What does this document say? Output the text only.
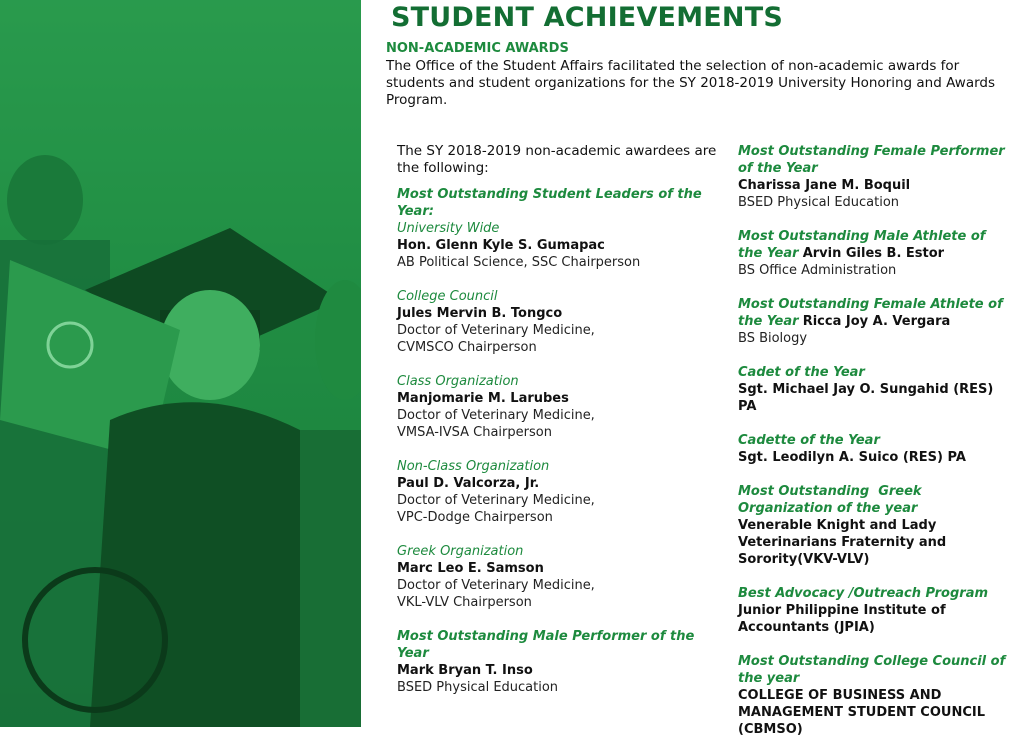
STUDENT ACHIEVEMENTS
NON-ACADEMIC AWARDS
The Office of the Student Affairs facilitated the selection of non-academic awards for students and student organizations for the SY 2018-2019 University Honoring and Awards Program.
The SY 2018-2019 non-academic awardees are the following:
Most Outstanding Student Leaders of the Year:
University Wide
Hon. Glenn Kyle S. Gumapac
AB Political Science, SSC Chairperson
College Council
Jules Mervin B. Tongco
Doctor of Veterinary Medicine,
CVMSCO Chairperson
Class Organization
Manjomarie M. Larubes
Doctor of Veterinary Medicine,
VMSA-IVSA Chairperson
Non-Class Organization
Paul D. Valcorza, Jr.
Doctor of Veterinary Medicine,
VPC-Dodge Chairperson
Greek Organization
Marc Leo E. Samson
Doctor of Veterinary Medicine,
VKL-VLV Chairperson
Most Outstanding Male Performer of the Year
Mark Bryan T. Inso
BSED Physical Education
Most Outstanding Female Performer of the Year
Charissa Jane M. Boquil
BSED Physical Education
Most Outstanding Male Athlete of the Year Arvin Giles B. Estor
BS Office Administration
Most Outstanding Female Athlete of the Year Ricca Joy A. Vergara
BS Biology
Cadet of the Year
Sgt. Michael Jay O. Sungahid (RES) PA
Cadette of the Year
Sgt. Leodilyn A. Suico (RES) PA
Most Outstanding  Greek Organization of the year
Venerable Knight and Lady Veterinarians Fraternity and Sorority(VKV-VLV)
Best Advocacy /Outreach Program
Junior Philippine Institute of Accountants (JPIA)
Most Outstanding College Council of the year
COLLEGE OF BUSINESS AND MANAGEMENT STUDENT COUNCIL (CBMSO)
